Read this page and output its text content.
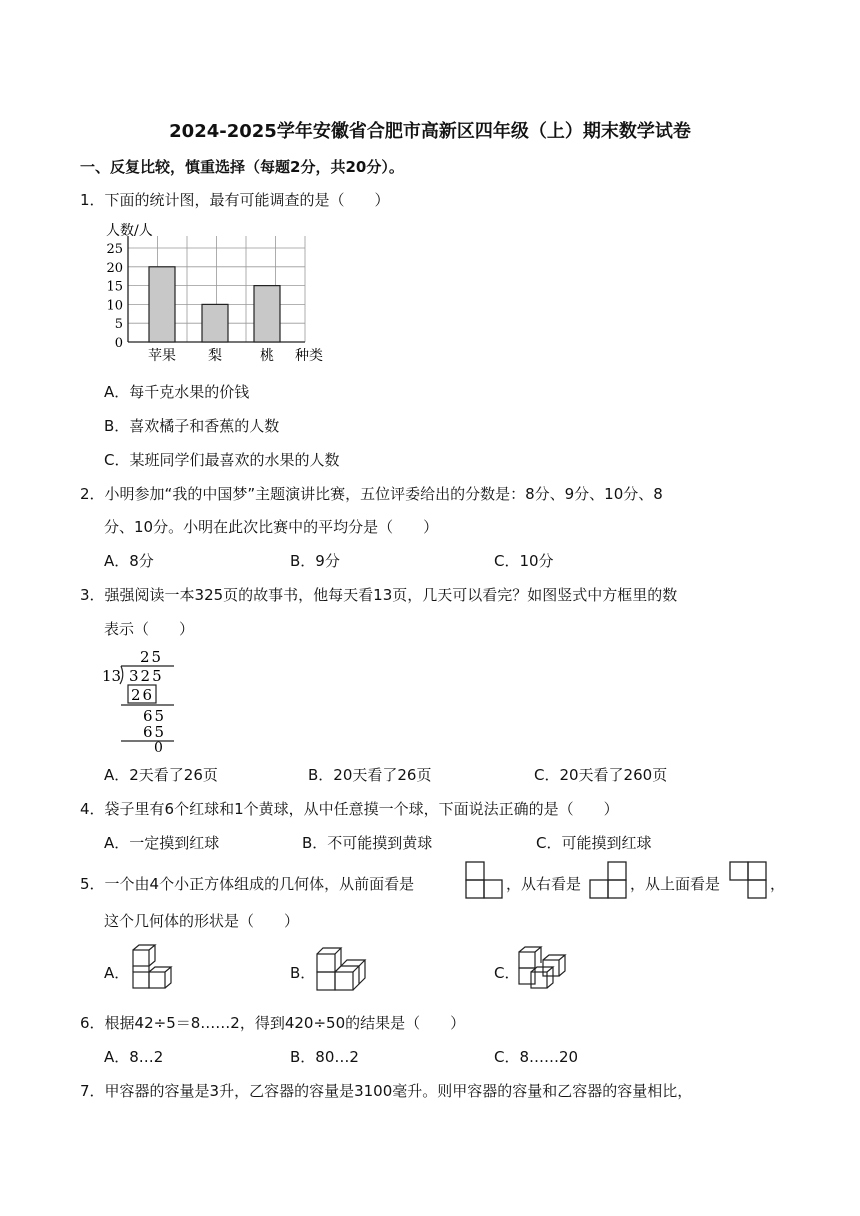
2024-2025学年安徽省合肥市高新区四年级（上）期末数学试卷
一、反复比较，慎重选择（每题2分，共20分）。
1．下面的统计图，最有可能调查的是（　　）
0
5
10
15
20
25
苹果 梨	桃
人数/人
种类
A．每千克水果的价钱
B．喜欢橘子和香蕉的人数
C．某班同学们最喜欢的水果的人数
2．小明参加“我的中国梦”主题演讲比赛，五位评委给出的分数是：8分、9分、10分、8
分、10分。小明在此次比赛中的平均分是（　　）
A．8分	B．9分	C．10分
3．强强阅读一本325页的故事书，他每天看13页，几天可以看完？如图竖式中方框里的数
表示（　　）
25
13 325
26
65
65
0
A．2天看了26页	B．20天看了26页	C．20天看了260页
4．袋子里有6个红球和1个黄球，从中任意摸一个球，下面说法正确的是（　　）
A．一定摸到红球	B．不可能摸到黄球	C．可能摸到红球
5．一个由4个小正方体组成的几何体，从前面看是	，从右看是	，从上面看是	，
这个几何体的形状是（　　）
A．	B．	C．
6．根据42÷5＝8……2，得到420÷50的结果是（　　）
A．8…2	B．80…2	C．8……20
7．甲容器的容量是3升，乙容器的容量是3100毫升。则甲容器的容量和乙容器的容量相比，
